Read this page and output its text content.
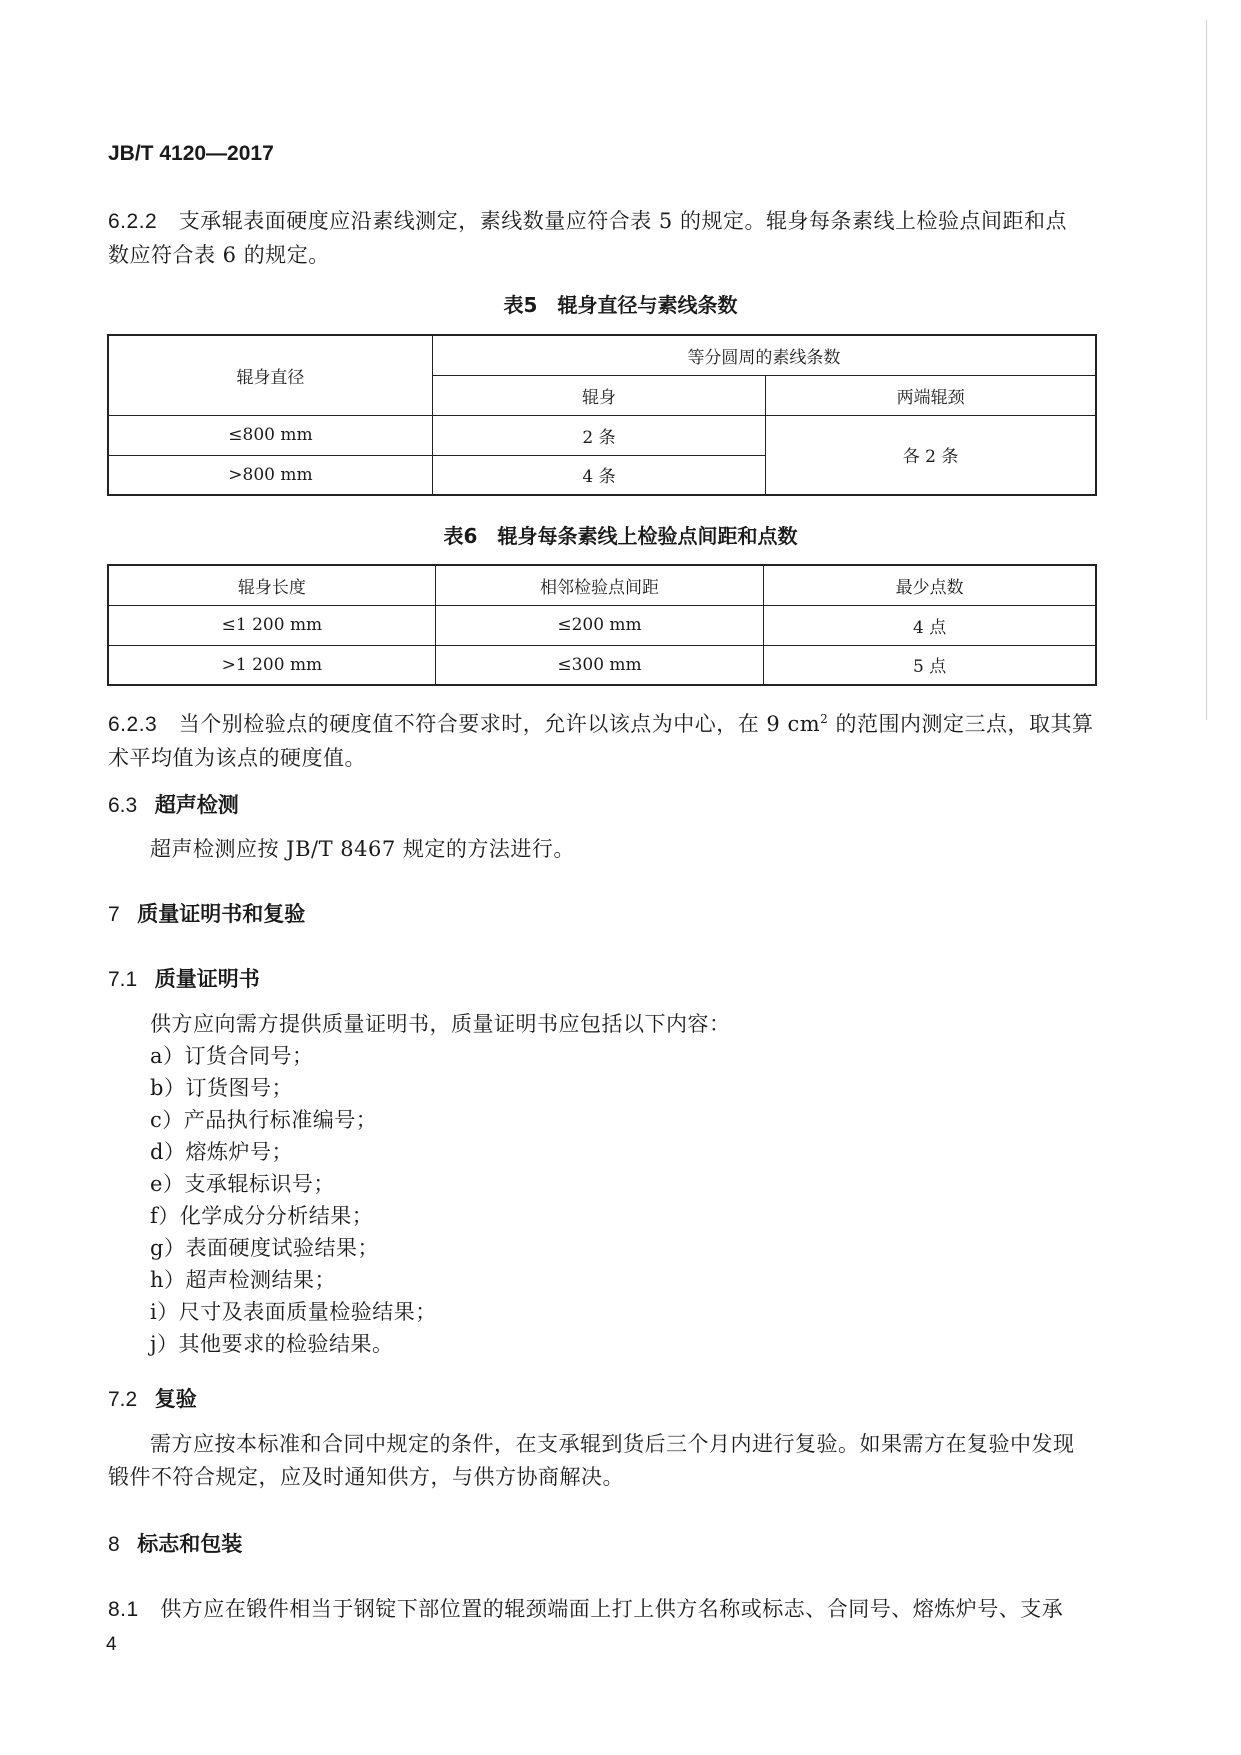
JB/T 4120—2017
6.2.2 支承辊表面硬度应沿素线测定，素线数量应符合表 5 的规定。辊身每条素线上检验点间距和点
数应符合表 6 的规定。
表5　辊身直径与素线条数
辊身直径	等分圆周的素线条数	
	辊身	两端辊颈
≤800 mm	2 条	各 2 条
>800 mm	4 条	
表6　辊身每条素线上检验点间距和点数
辊身长度	相邻检验点间距	最少点数
≤1 200 mm	≤200 mm	4 点
>1 200 mm	≤300 mm	5 点
6.2.3 当个别检验点的硬度值不符合要求时，允许以该点为中心，在 9 $cm^2$ 的范围内测定三点，取其算
术平均值为该点的硬度值。
6.3 超声检测
超声检测应按 JB/T 8467 规定的方法进行。
7 质量证明书和复验
7.1 质量证明书
供方应向需方提供质量证明书，质量证明书应包括以下内容：
a）订货合同号；
b）订货图号；
c）产品执行标准编号；
d）熔炼炉号；
e）支承辊标识号；
f）化学成分分析结果；
g）表面硬度试验结果；
h）超声检测结果；
i）尺寸及表面质量检验结果；
j）其他要求的检验结果。
7.2 复验
需方应按本标准和合同中规定的条件，在支承辊到货后三个月内进行复验。如果需方在复验中发现
锻件不符合规定，应及时通知供方，与供方协商解决。
8 标志和包装
8.1 供方应在锻件相当于钢锭下部位置的辊颈端面上打上供方名称或标志、合同号、熔炼炉号、支承
4
